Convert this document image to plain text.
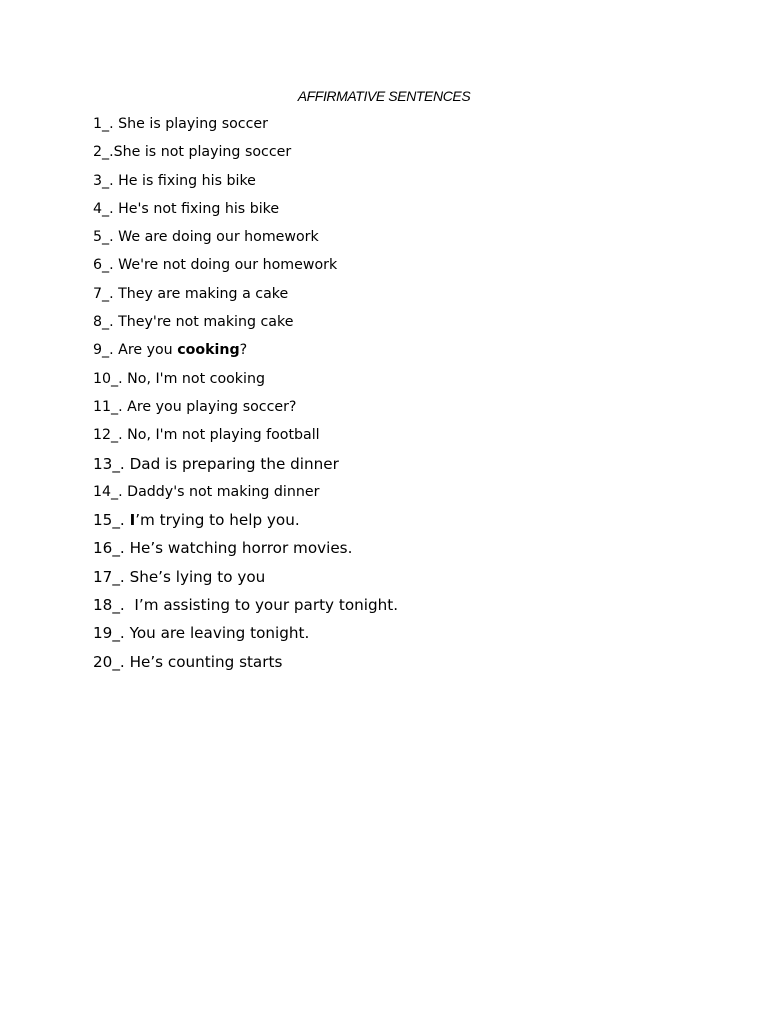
AFFIRMATIVE SENTENCES
1_. She is playing soccer
2_.She is not playing soccer
3_. He is fixing his bike
4_. He's not fixing his bike
5_. We are doing our homework
6_. We're not doing our homework
7_. They are making a cake
8_. They're not making cake
9_. Are you cooking?
10_. No, I'm not cooking
11_. Are you playing soccer?
12_. No, I'm not playing football
13_. Dad is preparing the dinner
14_. Daddy's not making dinner
15_. I’m trying to help you.
16_. He’s watching horror movies.
17_. She’s lying to you
18_.  I’m assisting to your party tonight.
19_. You are leaving tonight.
20_. He’s counting starts
